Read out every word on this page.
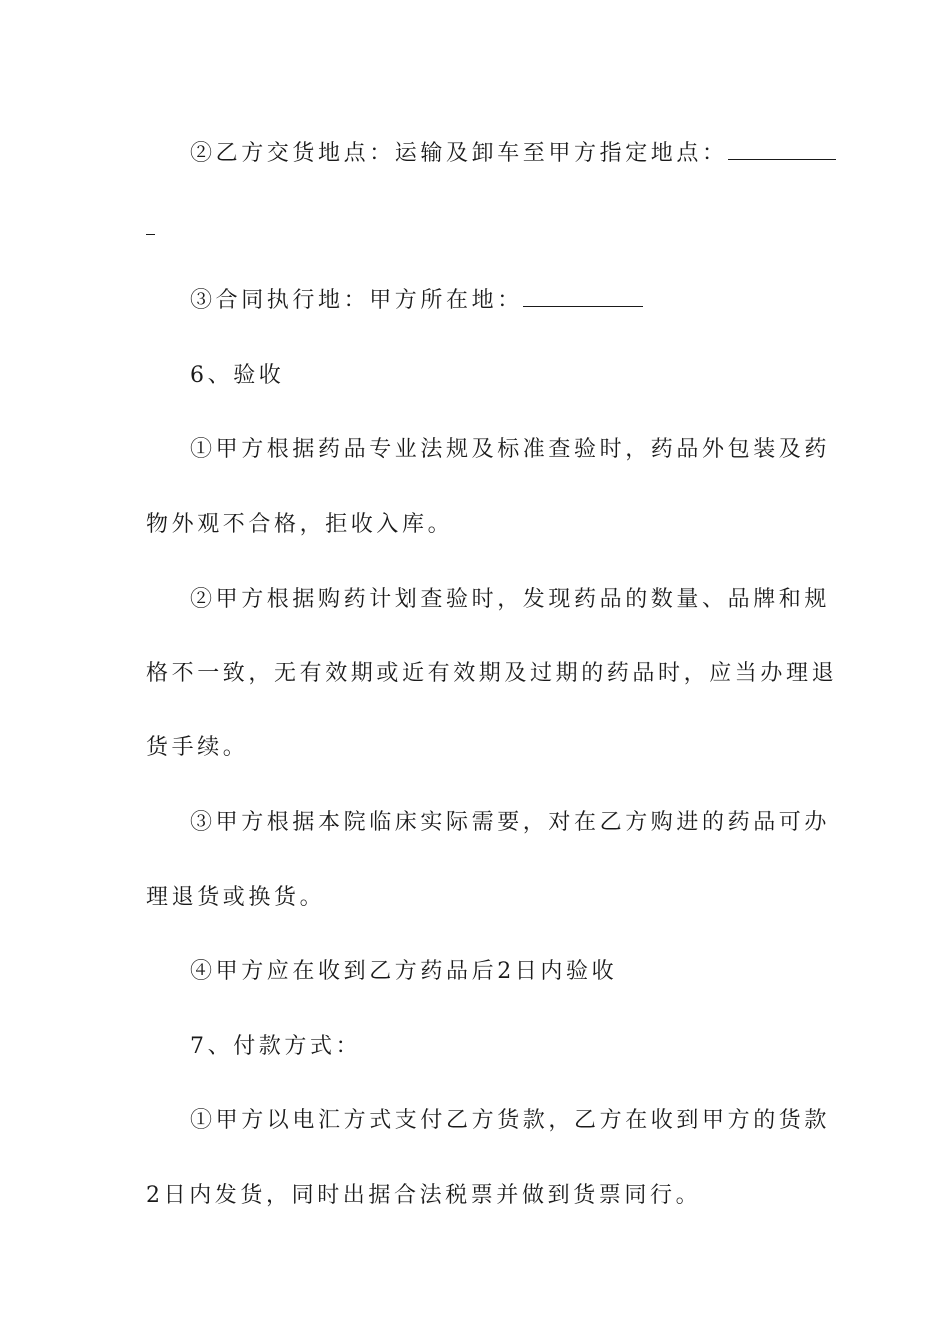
②乙方交货地点：运输及卸车至甲方指定地点：
③合同执行地：甲方所在地：
6、验收
①甲方根据药品专业法规及标准查验时，药品外包装及药
物外观不合格，拒收入库。
②甲方根据购药计划查验时，发现药品的数量、品牌和规
格不一致，无有效期或近有效期及过期的药品时，应当办理退
货手续。
③甲方根据本院临床实际需要，对在乙方购进的药品可办
理退货或换货。
④甲方应在收到乙方药品后2日内验收
7、付款方式：
①甲方以电汇方式支付乙方货款，乙方在收到甲方的货款
2日内发货，同时出据合法税票并做到货票同行。
